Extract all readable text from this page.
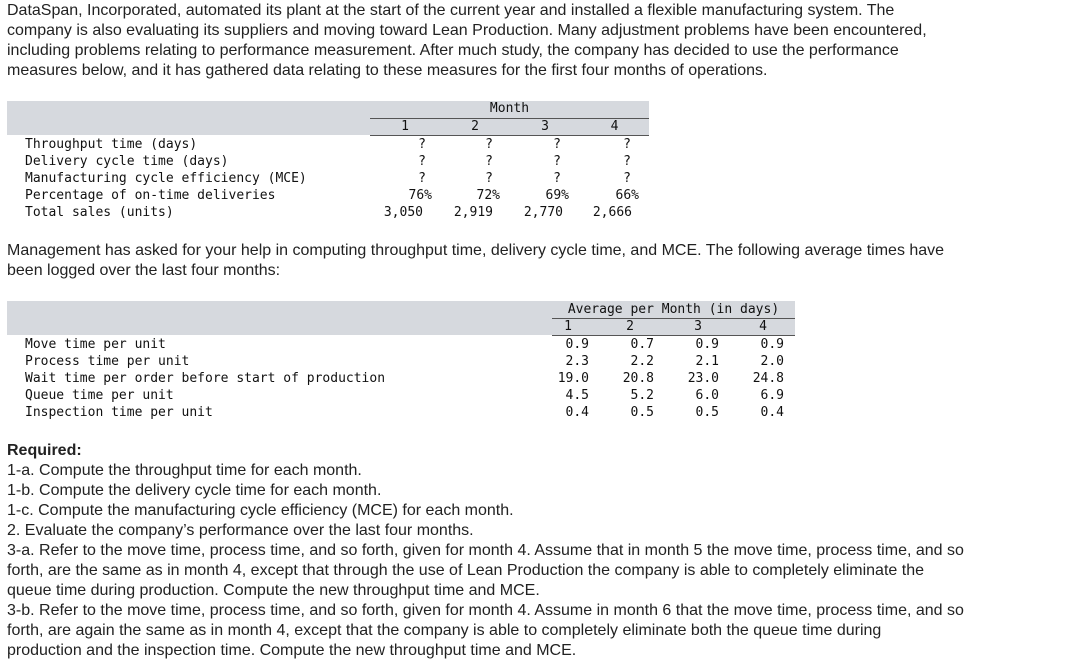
DataSpan, Incorporated, automated its plant at the start of the current year and installed a flexible manufacturing system. The

company is also evaluating its suppliers and moving toward Lean Production. Many adjustment problems have been encountered,

including problems relating to performance measurement. After much study, the company has decided to use the performance

measures below, and it has gathered data relating to these measures for the first four months of operations.

Month
1	2	3	4
Throughput time (days)	?	?	?	?
Delivery cycle time (days)	?	?	?	?
Manufacturing cycle efficiency (MCE)	?	?	?	?
Percentage of on-time deliveries	76%	72%	69%	66%
Total sales (units)	3,050 2,919 2,770 2,666

Management has asked for your help in computing throughput time, delivery cycle time, and MCE. The following average times have

been logged over the last four months:

Average per Month (in days)
1	2	3	4
Move time per unit	0.9	0.7	0.9	0.9
Process time per unit	2.3	2.2	2.1	2.0
Wait time per order before start of production	19.0	20.8	23.0	24.8
Queue time per unit	4.5	5.2	6.0	6.9
Inspection time per unit	0.4	0.5	0.5	0.4

Required:

1-a. Compute the throughput time for each month.

1-b. Compute the delivery cycle time for each month.

1-c. Compute the manufacturing cycle efficiency (MCE) for each month.

2. Evaluate the company’s performance over the last four months.

3-a. Refer to the move time, process time, and so forth, given for month 4. Assume that in month 5 the move time, process time, and so

forth, are the same as in month 4, except that through the use of Lean Production the company is able to completely eliminate the

queue time during production. Compute the new throughput time and MCE.

3-b. Refer to the move time, process time, and so forth, given for month 4. Assume in month 6 that the move time, process time, and so

forth, are again the same as in month 4, except that the company is able to completely eliminate both the queue time during

production and the inspection time. Compute the new throughput time and MCE.
